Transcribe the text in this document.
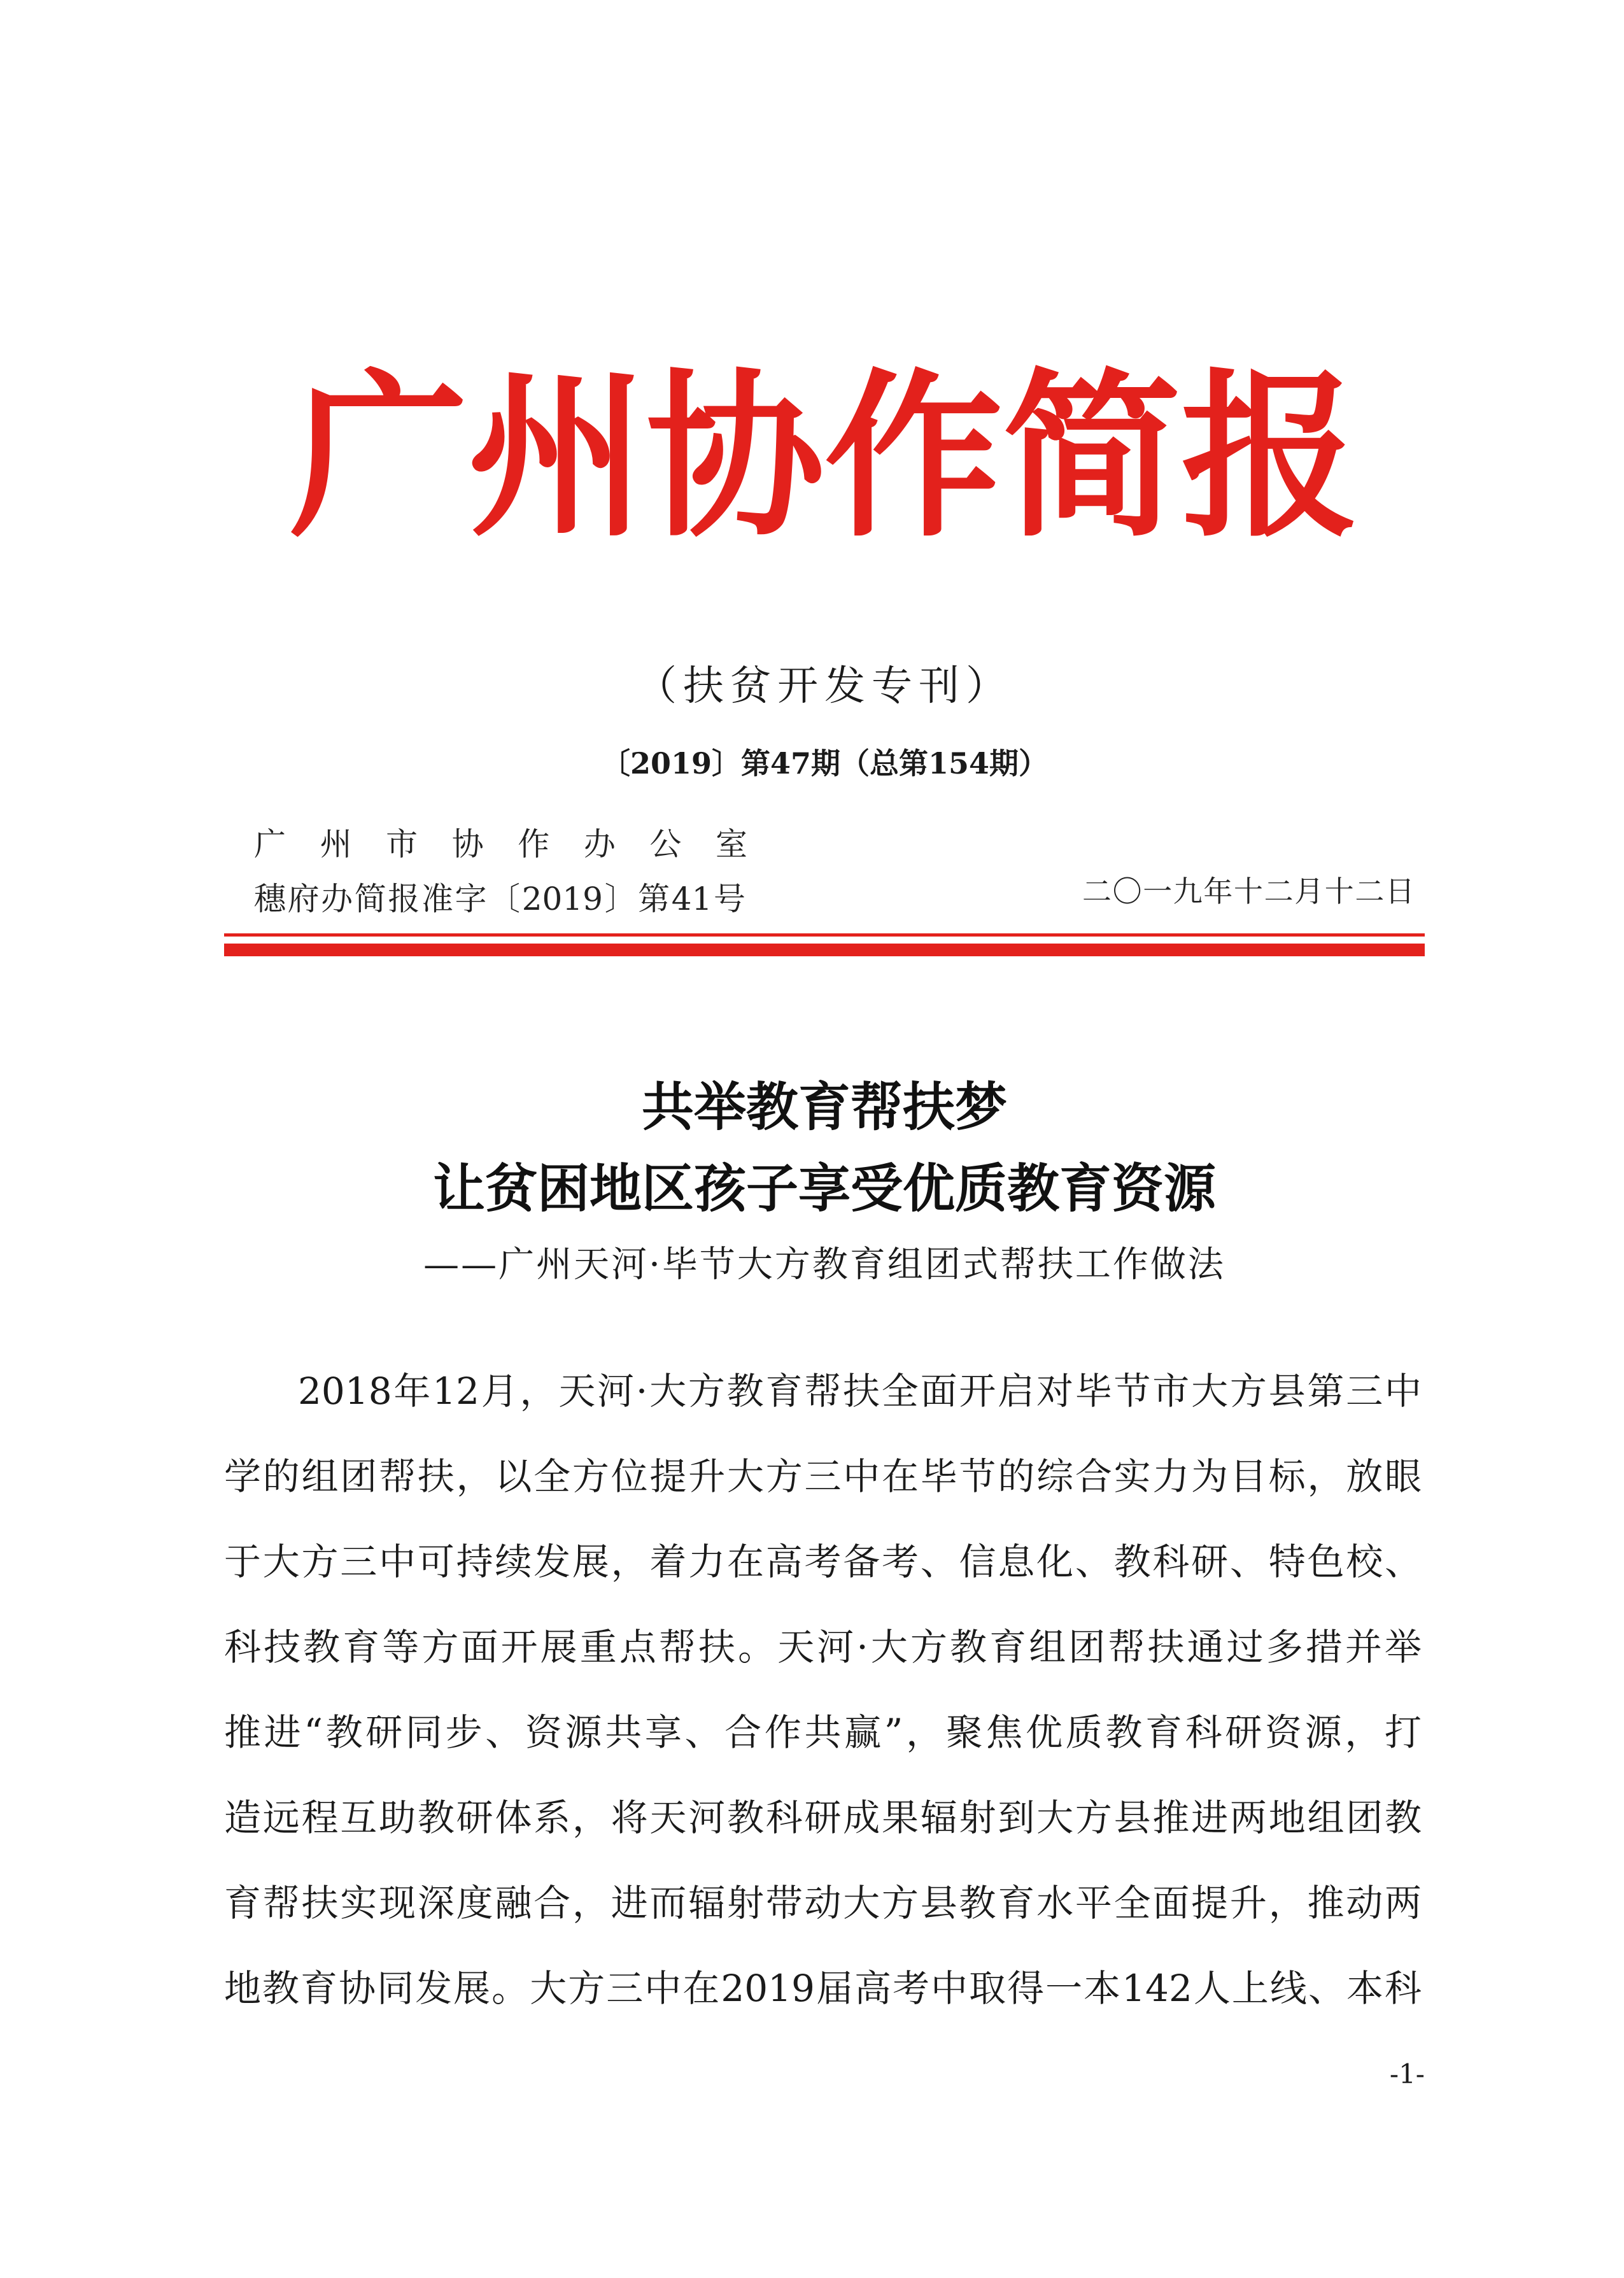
广州协作简报
（扶贫开发专刊）
〔2019〕第47期（总第154期）
广州市协作办公室
穗府办简报准字〔2019〕第41号	二〇一九年十二月十二日
共举教育帮扶梦
让贫困地区孩子享受优质教育资源
——广州天河·毕节大方教育组团式帮扶工作做法
2018年12月，天河·大方教育帮扶全面开启对毕节市大方县第三中
学的组团帮扶，以全方位提升大方三中在毕节的综合实力为目标，放眼
于大方三中可持续发展，着力在高考备考、信息化、教科研、特色校、
科技教育等方面开展重点帮扶。天河·大方教育组团帮扶通过多措并举
推进“教研同步、资源共享、合作共赢”，聚焦优质教育科研资源，打
造远程互助教研体系，将天河教科研成果辐射到大方县推进两地组团教
育帮扶实现深度融合，进而辐射带动大方县教育水平全面提升，推动两
地教育协同发展。大方三中在2019届高考中取得一本142人上线、本科
-1-
